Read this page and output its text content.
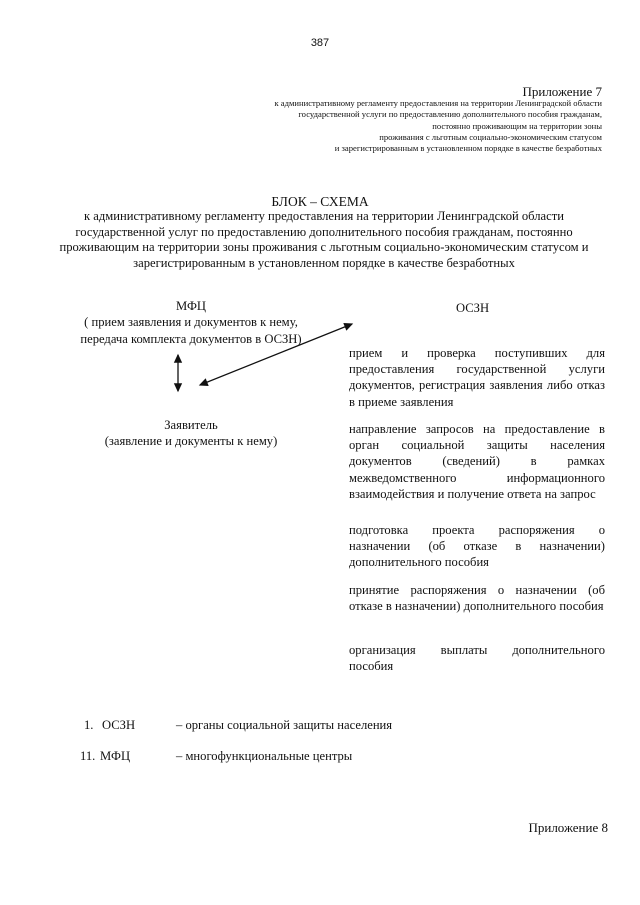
387
Приложение 7
к административному регламенту предоставления на территории Ленинградской области
государственной услуги по предоставлению дополнительного пособия гражданам,
постоянно проживающим на территории зоны
проживания с льготным социально-экономическим статусом
и зарегистрированным в установленном порядке в качестве безработных
БЛОК – СХЕМА
к административному регламенту предоставления на территории Ленинградской области государственной услуг по предоставлению дополнительного пособия гражданам, постоянно проживающим на территории зоны проживания с льготным социально-экономическим статусом и зарегистрированным в установленном порядке в качестве безработных
МФЦ
( прием заявления и документов к нему,
передача комплекта документов в ОСЗН)
Заявитель
(заявление и документы к нему)
ОСЗН
прием и проверка поступивших для предоставления государственной услуги документов, регистрация заявления либо отказ в приеме заявления
направление запросов на предоставление в орган социальной защиты населения документов (сведений) в рамках межведомственного информационного взаимодействия и получение ответа на запрос
подготовка проекта распоряжения о назначении (об отказе в назначении) дополнительного пособия
принятие распоряжения о назначении (об отказе в назначении) дополнительного пособия
организация выплаты дополнительного пособия
1. ОСЗН	– органы социальной защиты населения
11. МФЦ	– многофункциональные центры
Приложение 8
